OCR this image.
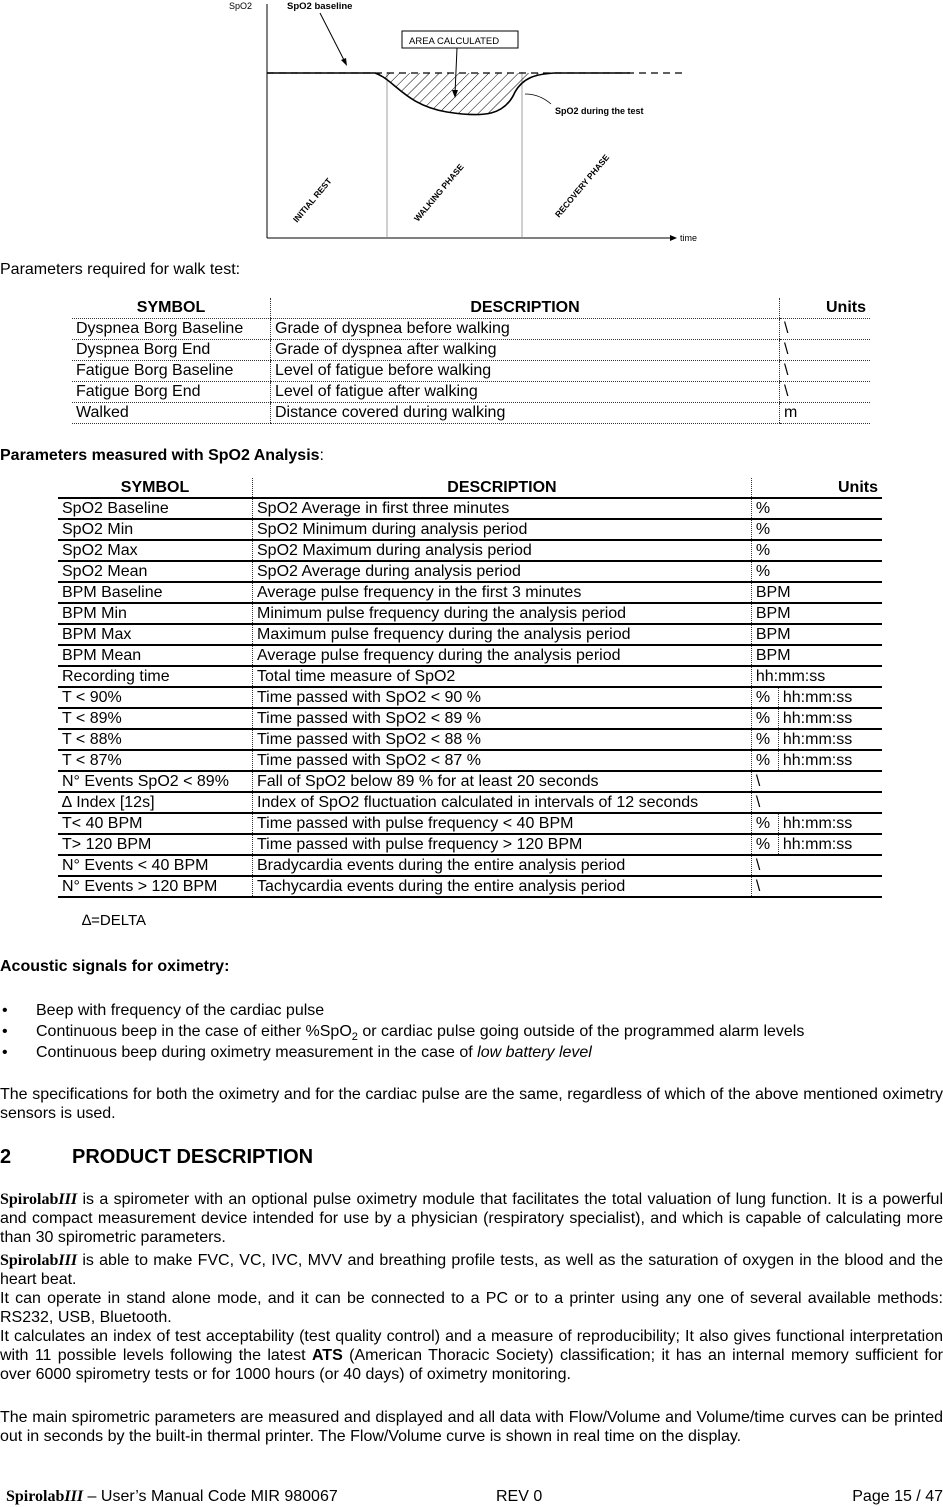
SpO2
time
SpO2 baseline
AREA CALCULATED
SpO2 during the test
INITIAL REST	WALKING PHASE	RECOVERY PHASE
Parameters required for walk test:
SYMBOL	DESCRIPTION	Units
Dyspnea Borg Baseline	Grade of dyspnea before walking	\
Dyspnea Borg End	Grade of dyspnea after walking	\
Fatigue Borg Baseline	Level of fatigue before walking	\
Fatigue Borg End	Level of fatigue after walking	\
Walked	Distance covered during walking	m
Parameters measured with SpO2 Analysis:
SYMBOL	DESCRIPTION	Units	
SpO2 Baseline	SpO2 Average in first three minutes	%	
SpO2 Min	SpO2 Minimum during analysis period	%	
SpO2 Max	SpO2 Maximum during analysis period	%	
SpO2 Mean	SpO2 Average during analysis period	%	
BPM Baseline	Average pulse frequency in the first 3 minutes	BPM	
BPM Min	Minimum pulse frequency during the analysis period	BPM	
BPM Max	Maximum pulse frequency during the analysis period	BPM	
BPM Mean	Average pulse frequency during the analysis period	BPM	
Recording time	Total time measure of SpO2	hh:mm:ss	
T < 90%	Time passed with SpO2 < 90 %	%	hh:mm:ss
T < 89%	Time passed with SpO2 < 89 %	%	hh:mm:ss
T < 88%	Time passed with SpO2 < 88 %	%	hh:mm:ss
T < 87%	Time passed with SpO2 < 87 %	%	hh:mm:ss
N° Events SpO2 < 89%	Fall of SpO2 below 89 % for at least 20 seconds	\	
∆ Index [12s]	Index of SpO2 fluctuation calculated in intervals of 12 seconds	\	
T< 40 BPM	Time passed with pulse frequency < 40 BPM	%	hh:mm:ss
T> 120 BPM	Time passed with pulse frequency > 120 BPM	%	hh:mm:ss
N° Events < 40 BPM	Bradycardia events during the entire analysis period	\	
N° Events > 120 BPM	Tachycardia events during the entire analysis period	\	
∆=DELTA
Acoustic signals for oximetry:
• Beep with frequency of the cardiac pulse
• Continuous beep in the case of either %SpO$_2$ or cardiac pulse going outside of the programmed alarm levels
• Continuous beep during oximetry measurement in the case of low battery level
The specifications for both the oximetry and for the cardiac pulse are the same, regardless of which of the above mentioned oximetry sensors is used.
2	PRODUCT DESCRIPTION
SpirolabIII is a spirometer with an optional pulse oximetry module that facilitates the total valuation of lung function. It is a powerful and compact measurement device intended for use by a physician (respiratory specialist), and which is capable of calculating more than 30 spirometric parameters.
SpirolabIII is able to make FVC, VC, IVC, MVV and breathing profile tests, as well as the saturation of oxygen in the blood and the heart beat.
It can operate in stand alone mode, and it can be connected to a PC or to a printer using any one of several available methods: RS232, USB, Bluetooth.
It calculates an index of test acceptability (test quality control) and a measure of reproducibility; It also gives functional interpretation with 11 possible levels following the latest ATS (American Thoracic Society) classification; it has an internal memory sufficient for over 6000 spirometry tests or for 1000 hours (or 40 days) of oximetry monitoring.
The main spirometric parameters are measured and displayed and all data with Flow/Volume and Volume/time curves can be printed out in seconds by the built-in thermal printer. The Flow/Volume curve is shown in real time on the display.
SpirolabIII – User’s Manual Code MIR 980067	REV 0	Page 15 / 47
